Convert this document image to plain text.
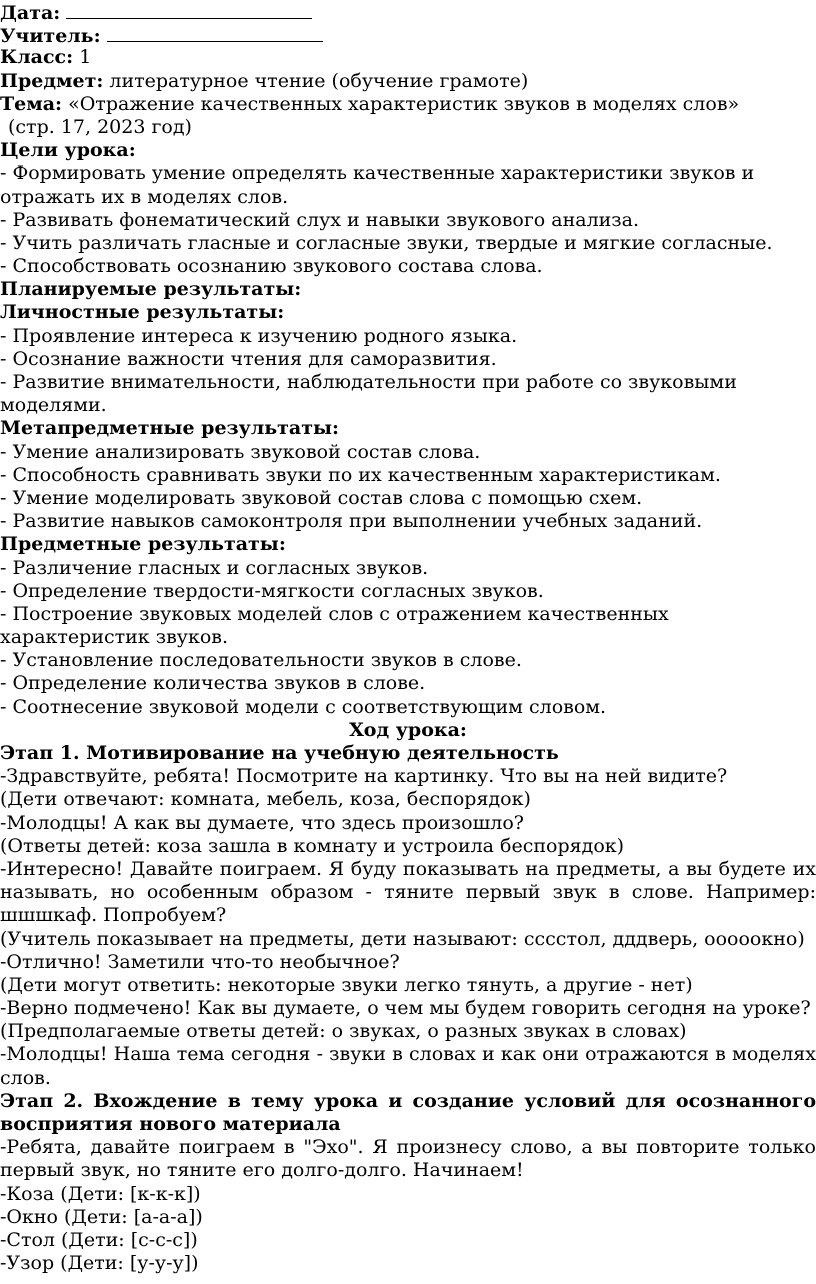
Дата:
Учитель:
Класс: 1
Предмет: литературное чтение (обучение грамоте)
Тема: «Отражение качественных характеристик звуков в моделях слов»
(стр. 17, 2023 год)
Цели урока:
- Формировать умение определять качественные характеристики звуков и
отражать их в моделях слов.
- Развивать фонематический слух и навыки звукового анализа.
- Учить различать гласные и согласные звуки, твердые и мягкие согласные.
- Способствовать осознанию звукового состава слова.
Планируемые результаты:
Личностные результаты:
- Проявление интереса к изучению родного языка.
- Осознание важности чтения для саморазвития.
- Развитие внимательности, наблюдательности при работе со звуковыми
моделями.
Метапредметные результаты:
- Умение анализировать звуковой состав слова.
- Способность сравнивать звуки по их качественным характеристикам.
- Умение моделировать звуковой состав слова с помощью схем.
- Развитие навыков самоконтроля при выполнении учебных заданий.
Предметные результаты:
- Различение гласных и согласных звуков.
- Определение твердости-мягкости согласных звуков.
- Построение звуковых моделей слов с отражением качественных
характеристик звуков.
- Установление последовательности звуков в слове.
- Определение количества звуков в слове.
- Соотнесение звуковой модели с соответствующим словом.
Ход урока:
Этап 1. Мотивирование на учебную деятельность
-Здравствуйте, ребята! Посмотрите на картинку. Что вы на ней видите?
(Дети отвечают: комната, мебель, коза, беспорядок)
-Молодцы! А как вы думаете, что здесь произошло?
(Ответы детей: коза зашла в комнату и устроила беспорядок)
-Интересно! Давайте поиграем. Я буду показывать на предметы, а вы будете их
называть, но особенным образом - тяните первый звук в слове. Например:
шшшкаф. Попробуем?
(Учитель показывает на предметы, дети называют: сссстол, дддверь, ооооокно)
-Отлично! Заметили что-то необычное?
(Дети могут ответить: некоторые звуки легко тянуть, а другие - нет)
-Верно подмечено! Как вы думаете, о чем мы будем говорить сегодня на уроке?
(Предполагаемые ответы детей: о звуках, о разных звуках в словах)
-Молодцы! Наша тема сегодня - звуки в словах и как они отражаются в моделях
слов.
Этап 2. Вхождение в тему урока и создание условий для осознанного
восприятия нового материала
-Ребята, давайте поиграем в "Эхо". Я произнесу слово, а вы повторите только
первый звук, но тяните его долго-долго. Начинаем!
-Коза (Дети: [к-к-к])
-Окно (Дети: [а-а-а])
-Стол (Дети: [с-с-с])
-Узор (Дети: [у-у-у])
